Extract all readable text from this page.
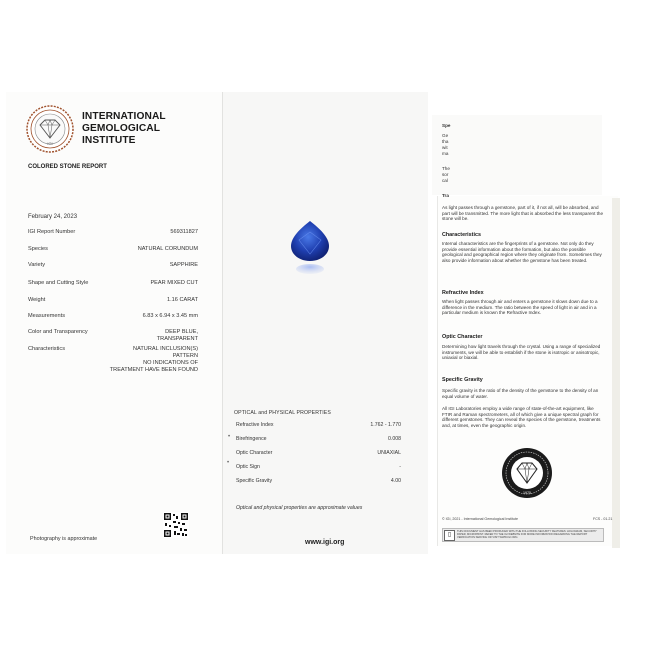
IGI
INTERNATIONAL
GEMOLOGICAL
INSTITUTE
COLORED STONE REPORT
February 24, 2023
IGI Report Number	569311827
Species	NATURAL CORUNDUM
Variety	SAPPHIRE
Shape and Cutting Style	PEAR MIXED CUT
Weight	1.16 CARAT
Measurements	6.83 x 6.94 x 3.45 mm
Color and Transparency	DEEP BLUE,
TRANSPARENT
Characteristics	NATURAL INCLUSION(S)
PATTERN
NO INDICATIONS OF
TREATMENT HAVE BEEN FOUND
Photography is approximate
OPTICAL and PHYSICAL PROPERTIES
Refractive Index	1.762 - 1.770
Birefringence	0.008
Optic Character	UNIAXIAL
Optic Sign	-
Specific Gravity	4.00
•
•
Optical and physical properties are approximate values
www.igi.org
Spe
Ge
tha
wit
ma
The
sor
cal
Tra
As light passes through a gemstone, part of it, if not all, will be absorbed, and part will be transmitted. The more light that is absorbed the less transparent the stone will be.
Characteristics
Internal characteristics are the fingerprints of a gemstone. Not only do they provide essential information about the formation, but also the possible geological and geographical region where they originate from. Sometimes they also provide information about whether the gemstone has been treated.
Refractive Index
When light passes through air and enters a gemstone it slows down due to a difference in the medium. The ratio between the speed of light in air and in a particular medium is known the Refractive Index.
Optic Character
Determining how light travels through the crystal. Using a range of specialized instruments, we will be able to establish if the stone is isotropic or anisotropic, uniaxial or biaxial.
Specific Gravity
Specific gravity is the ratio of the density of the gemstone to the density of an equal volume of water.
All IGI Laboratories employ a wide range of state-of-the-art equipment, like FTIR and Raman spectrometers, all of which give a unique spectral graph for different gemstones. They can reveal the species of the gemstone, treatments and, at times, even the geographic origin.
1975
© IGI, 2021 - International Gemological Institute	FCS - 01.21
▯
THIS DOCUMENT HAS BEEN PRODUCED WITH THE FOLLOWING SECURITY FEATURES: HOLOGRAM, SECURITY PAPER, MICROPRINT. REFER TO THE IGI WEBSITE FOR MORE INFORMATION REGARDING THE REPORT VERIFICATION SERVICE OR VISIT WWW.IGI.ORG
